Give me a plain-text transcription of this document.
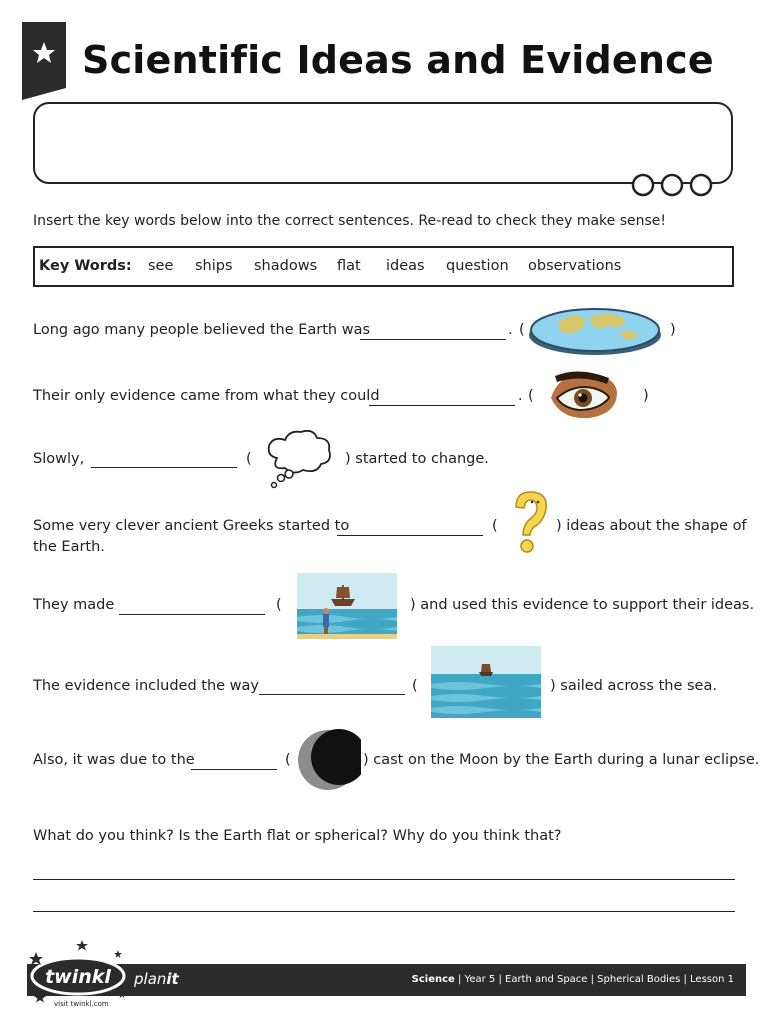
Scientific Ideas and Evidence
Insert the key words below into the correct sentences. Re-read to check they make sense!
Key Words: see ships shadows flat ideas question observations
Long ago many people believed the Earth was	. (	)
Their only evidence came from what they could	. (	)
Slowly,	(	) started to change.
Some very clever ancient Greeks started to	(	) ideas about the shape of
the Earth.
They made	(	) and used this evidence to support their ideas.
The evidence included the way	(	) sailed across the sea.
Also, it was due to the	(	) cast on the Moon by the Earth during a lunar eclipse.
What do you think? Is the Earth flat or spherical? Why do you think that?
twinkl
visit twinkl.com
planit	Science | Year 5 | Earth and Space | Spherical Bodies | Lesson 1
